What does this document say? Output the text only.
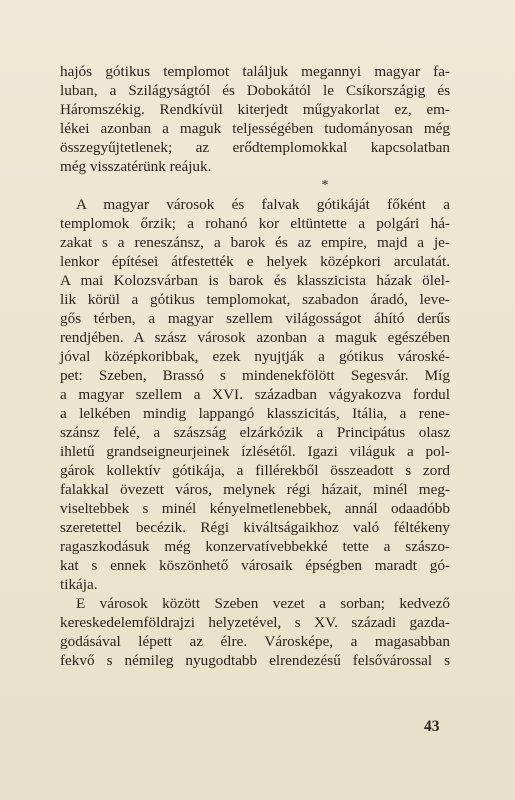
hajós gótikus templomot találjuk megannyi magyar fa-
luban, a Szilágyságtól és Dobokától le Csíkországig és
Háromszékig. Rendkívül kiterjedt műgyakorlat ez, em-
lékei azonban a maguk teljességében tudományosan még
összegyűjtetlenek; az erődtemplomokkal kapcsolatban
még visszatérünk reájuk.
*
A magyar városok és falvak gótikáját főként a
templomok őrzik; a rohanó kor eltüntette a polgári há-
zakat s a reneszánsz, a barok és az empire, majd a je-
lenkor építései átfestették e helyek középkori arculatát.
A mai Kolozsvárban is barok és klasszicista házak ölel-
lik körül a gótikus templomokat, szabadon áradó, leve-
gős térben, a magyar szellem világosságot áhító derűs
rendjében. A szász városok azonban a maguk egészében
jóval középkoribbak, ezek nyujtják a gótikus városké-
pet: Szeben, Brassó s mindenekfölött Segesvár. Míg
a magyar szellem a XVI. században vágyakozva fordul
a lelkében mindig lappangó klasszicitás, Itália, a rene-
szánsz felé, a szászság elzárkózik a Principátus olasz
ihletű grandseigneurjeinek ízlésétől. Igazi világuk a pol-
gárok kollektív gótikája, a fillérekből összeadott s zord
falakkal övezett város, melynek régi házait, minél meg-
viseltebbek s minél kényelmetlenebbek, annál odaadóbb
szeretettel becézik. Régi kiváltságaikhoz való féltékeny
ragaszkodásuk még konzervatívebbekké tette a szászo-
kat s ennek köszönhető városaik épségben maradt gó-
tikája.
E városok között Szeben vezet a sorban; kedvező
kereskedelemföldrajzi helyzetével, s XV. századi gazda-
godásával lépett az élre. Városképe, a magasabban
fekvő s némileg nyugodtabb elrendezésű felsővárossal s
43
